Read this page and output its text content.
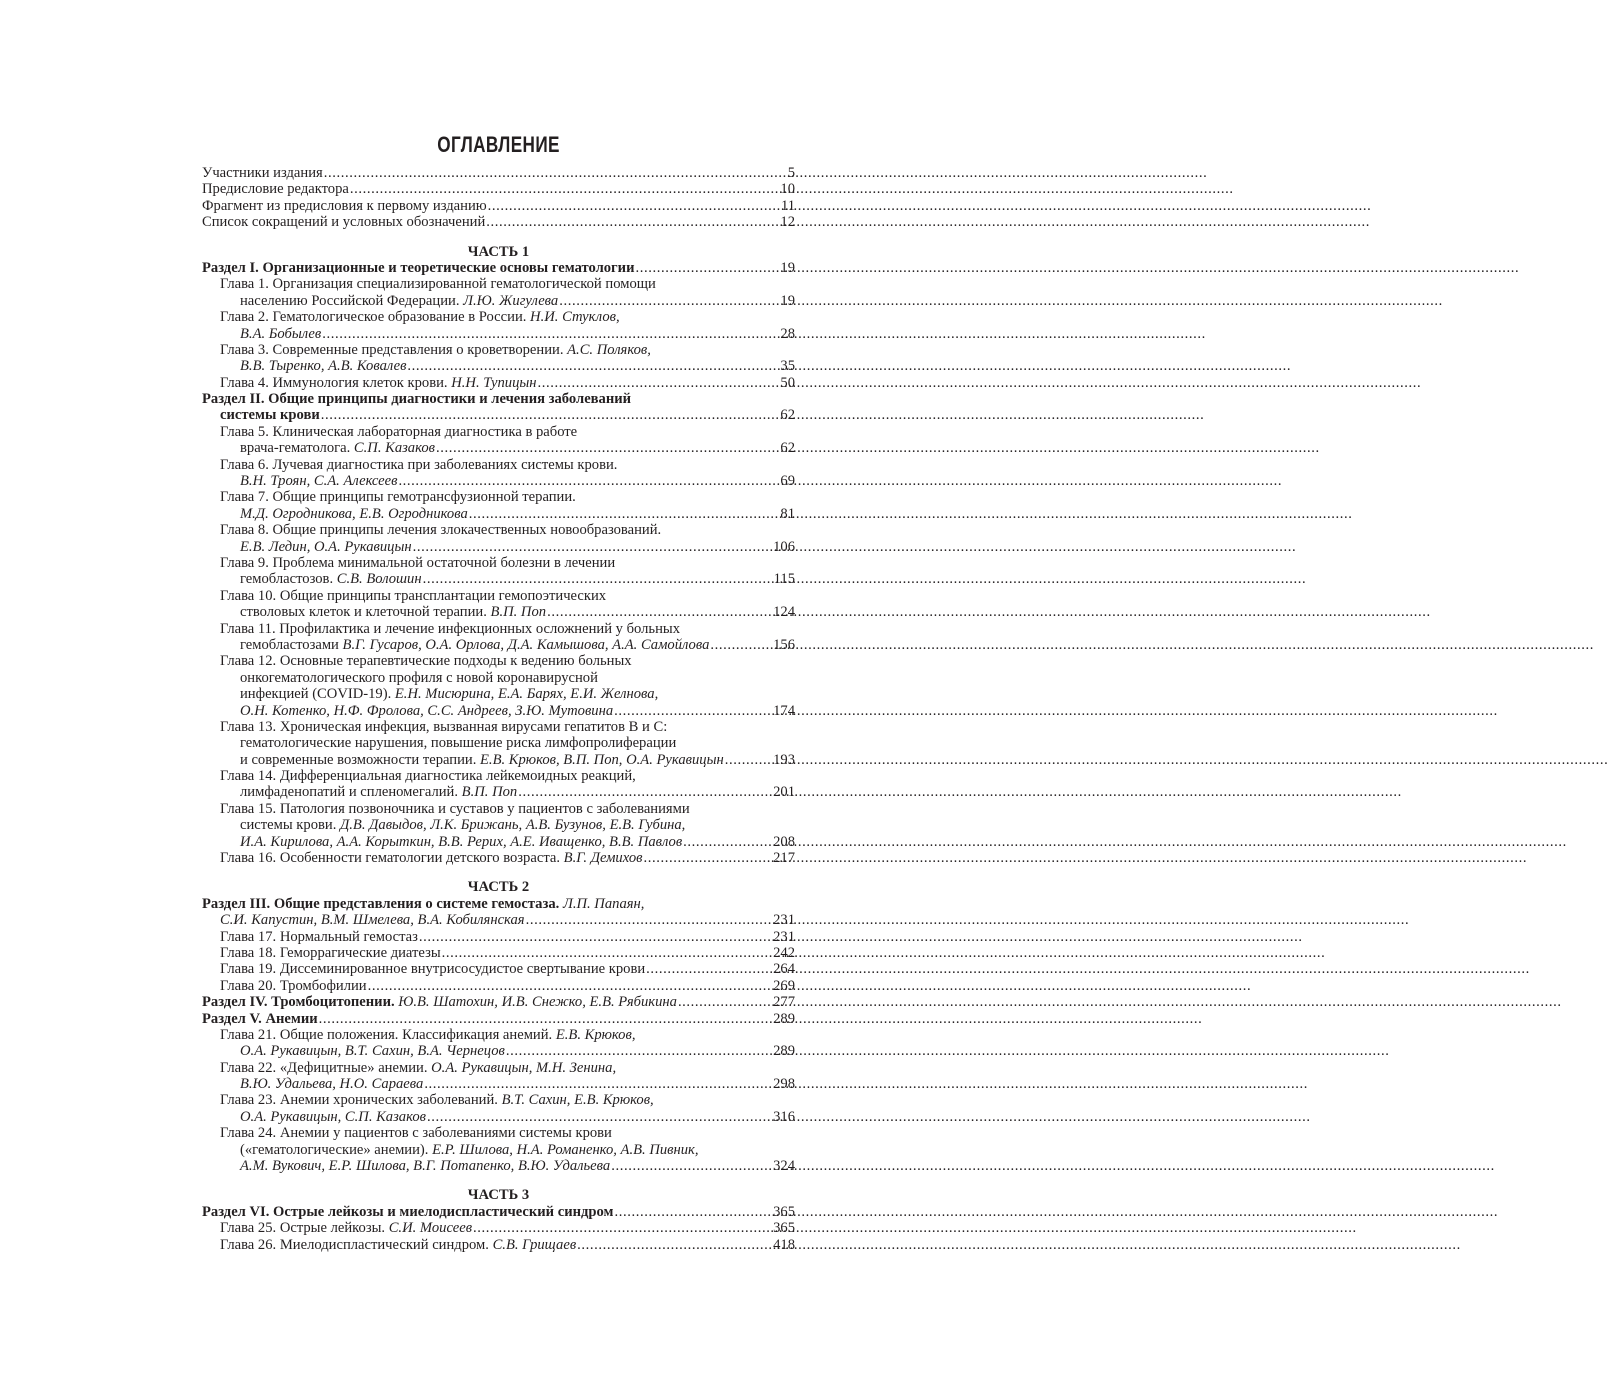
ОГЛАВЛЕНИЕ
Участники издания .....	5
Предисловие редактора .....	10
Фрагмент из предисловия к первому изданию .....	11
Список сокращений и условных обозначений .....	12
ЧАСТЬ 1
Раздел I. Организационные и теоретические основы гематологии .....	19
Глава 1. Организация специализированной гематологической помощи
населению Российской Федерации. Л.Ю. Жигулева .....	19
Глава 2. Гематологическое образование в России. Н.И. Стуклов,
В.А. Бобылев .....	28
Глава 3. Современные представления о кроветворении. А.С. Поляков,
В.В. Тыренко, А.В. Ковалев .....	35
Глава 4. Иммунология клеток крови. Н.Н. Тупицын .....	50
Раздел II. Общие принципы диагностики и лечения заболеваний
системы крови .....	62
Глава 5. Клиническая лабораторная диагностика в работе
врача-гематолога. С.П. Казаков .....	62
Глава 6. Лучевая диагностика при заболеваниях системы крови.
В.Н. Троян, С.А. Алексеев .....	69
Глава 7. Общие принципы гемотрансфузионной терапии.
М.Д. Огродникова, Е.В. Огродникова .....	81
Глава 8. Общие принципы лечения злокачественных новообразований.
Е.В. Ледин, О.А. Рукавицын .....	106
Глава 9. Проблема минимальной остаточной болезни в лечении
гемобластозов. С.В. Волошин .....	115
Глава 10. Общие принципы трансплантации гемопоэтических
стволовых клеток и клеточной терапии. В.П. Поп .....	124
Глава 11. Профилактика и лечение инфекционных осложнений у больных
гемобластозами В.Г. Гусаров, О.А. Орлова, Д.А. Камышова, А.А. Самойлова .....	156
Глава 12. Основные терапевтические подходы к ведению больных
онкогематологического профиля с новой коронавирусной
инфекцией (COVID-19). Е.Н. Мисюрина, Е.А. Барях, Е.И. Желнова,
О.Н. Котенко, Н.Ф. Фролова, С.С. Андреев, З.Ю. Мутовина .....	174
Глава 13. Хроническая инфекция, вызванная вирусами гепатитов B и C:
гематологические нарушения, повышение риска лимфопролиферации
и современные возможности терапии. Е.В. Крюков, В.П. Поп, О.А. Рукавицын .....	193
Глава 14. Дифференциальная диагностика лейкемоидных реакций,
лимфаденопатий и спленомегалий. В.П. Поп .....	201
Глава 15. Патология позвоночника и суставов у пациентов с заболеваниями
системы крови. Д.В. Давыдов, Л.К. Брижань, А.В. Бузунов, Е.В. Губина,
И.А. Кирилова, А.А. Корыткин, В.В. Рерих, А.Е. Иващенко, В.В. Павлов .....	208
Глава 16. Особенности гематологии детского возраста. В.Г. Демихов .....	217
ЧАСТЬ 2
Раздел III. Общие представления о системе гемостаза. Л.П. Папаян,
С.И. Капустин, В.М. Шмелева, В.А. Кобилянская .....	231
Глава 17. Нормальный гемостаз .....	231
Глава 18. Геморрагические диатезы .....	242
Глава 19. Диссеминированное внутрисосудистое свертывание крови .....	264
Глава 20. Тромбофилии .....	269
Раздел IV. Тромбоцитопении. Ю.В. Шатохин, И.В. Снежко, Е.В. Рябикина .....	277
Раздел V. Анемии .....	289
Глава 21. Общие положения. Классификация анемий. Е.В. Крюков,
О.А. Рукавицын, В.Т. Сахин, В.А. Чернецов .....	289
Глава 22. «Дефицитные» анемии. О.А. Рукавицын, М.Н. Зенина,
В.Ю. Удальева, Н.О. Сараева .....	298
Глава 23. Анемии хронических заболеваний. В.Т. Сахин, Е.В. Крюков,
О.А. Рукавицын, С.П. Казаков .....	316
Глава 24. Анемии у пациентов с заболеваниями системы крови
(«гематологические» анемии). Е.Р. Шилова, Н.А. Романенко, А.В. Пивник,
А.М. Вукович, Е.Р. Шилова, В.Г. Потапенко, В.Ю. Удальева .....	324
ЧАСТЬ 3
Раздел VI. Острые лейкозы и миелодиспластический синдром .....	365
Глава 25. Острые лейкозы. С.И. Моисеев .....	365
Глава 26. Миелодиспластический синдром. С.В. Грищаев .....	418
